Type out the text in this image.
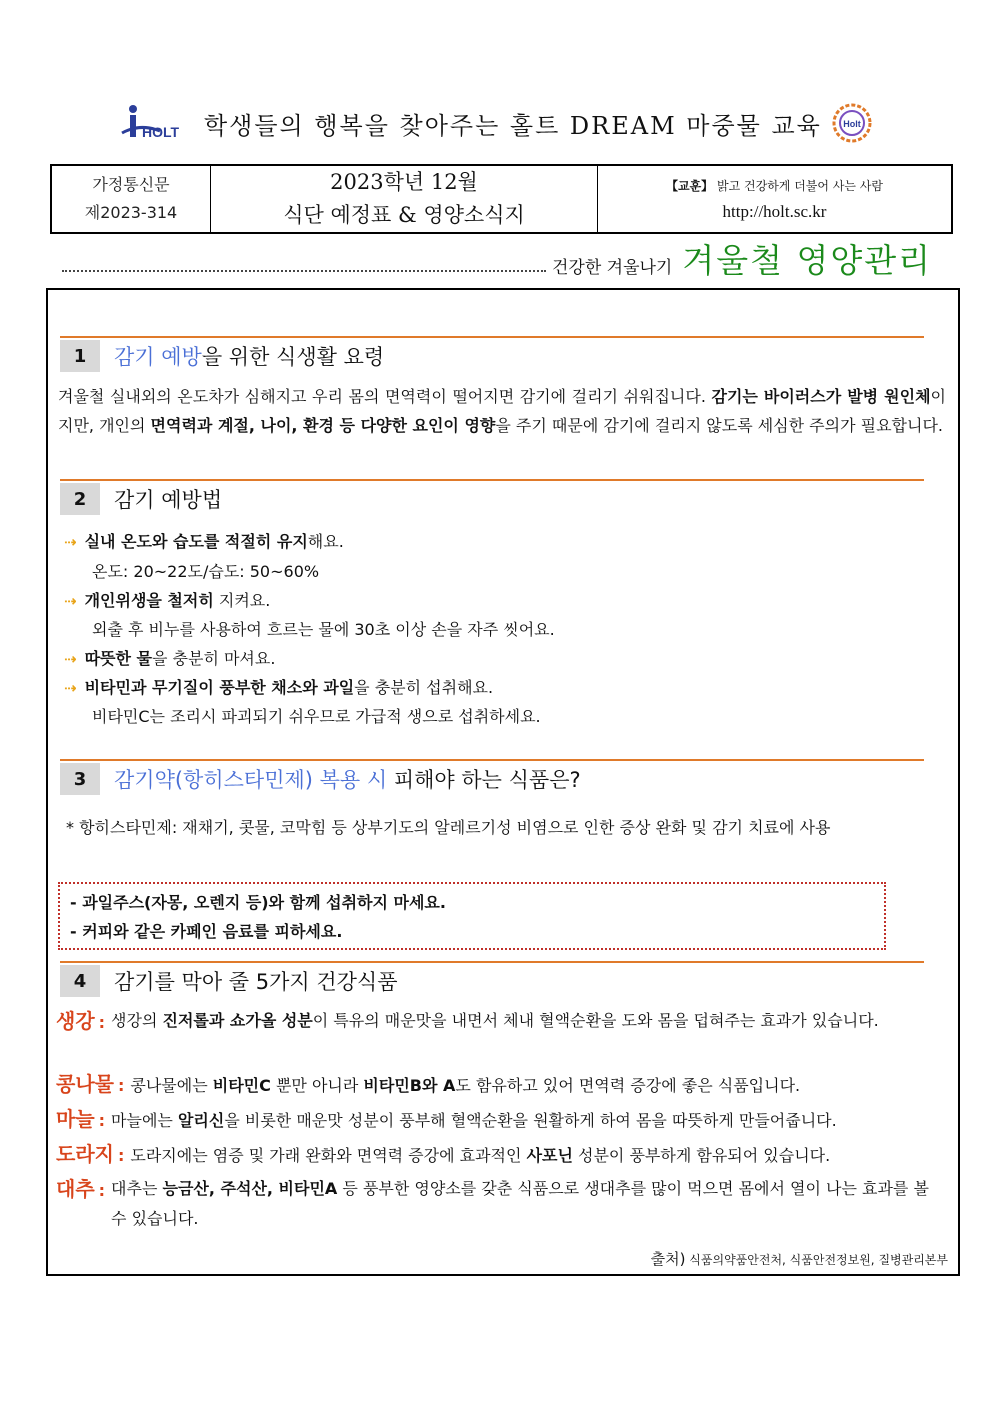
HOLT 학생들의 행복을 찾아주는 홀트 DREAM 마중물 교육 Holt
가정통신문
제2023-314
2023학년 12월
식단 예정표 & 영양소식지
【교훈】 밝고 건강하게 더불어 사는 사람
http://holt.sc.kr
건강한 겨울나기 겨울철 영양관리
1	감기 예방을 위한 식생활 요령
겨울철 실내외의 온도차가 심해지고 우리 몸의 면역력이 떨어지면 감기에 걸리기 쉬워집니다. 감기는 바이러스가 발병 원인체이지만, 개인의 면역력과 계절, 나이, 환경 등 다양한 요인이 영향을 주기 때문에 감기에 걸리지 않도록 세심한 주의가 필요합니다.
2	감기 예방법
⇢ 실내 온도와 습도를 적절히 유지해요.
온도: 20~22도/습도: 50~60%
⇢ 개인위생을 철저히 지켜요.
외출 후 비누를 사용하여 흐르는 물에 30초 이상 손을 자주 씻어요.
⇢ 따뜻한 물을 충분히 마셔요.
⇢ 비타민과 무기질이 풍부한 채소와 과일을 충분히 섭취해요.
비타민C는 조리시 파괴되기 쉬우므로 가급적 생으로 섭취하세요.
3	감기약(항히스타민제) 복용 시 피해야 하는 식품은?
* 항히스타민제: 재채기, 콧물, 코막힘 등 상부기도의 알레르기성 비염으로 인한 증상 완화 및 감기 치료에 사용
- 과일주스(자몽, 오렌지 등)와 함께 섭취하지 마세요.
- 커피와 같은 카페인 음료를 피하세요.
4	감기를 막아 줄 5가지 건강식품
생강 : 생강의 진저롤과 쇼가올 성분이 특유의 매운맛을 내면서 체내 혈액순환을 도와 몸을 덥혀주는 효과가 있습니다.
콩나물 : 콩나물에는 비타민C 뿐만 아니라 비타민B와 A도 함유하고 있어 면역력 증강에 좋은 식품입니다.
마늘 : 마늘에는 알리신을 비롯한 매운맛 성분이 풍부해 혈액순환을 원활하게 하여 몸을 따뜻하게 만들어줍니다.
도라지 : 도라지에는 염증 및 가래 완화와 면역력 증강에 효과적인 사포닌 성분이 풍부하게 함유되어 있습니다.
대추 : 대추는 능금산, 주석산, 비타민A 등 풍부한 영양소를 갖춘 식품으로 생대추를 많이 먹으면 몸에서 열이 나는 효과를 볼 수 있습니다.
출처) 식품의약품안전처, 식품안전정보원, 질병관리본부
